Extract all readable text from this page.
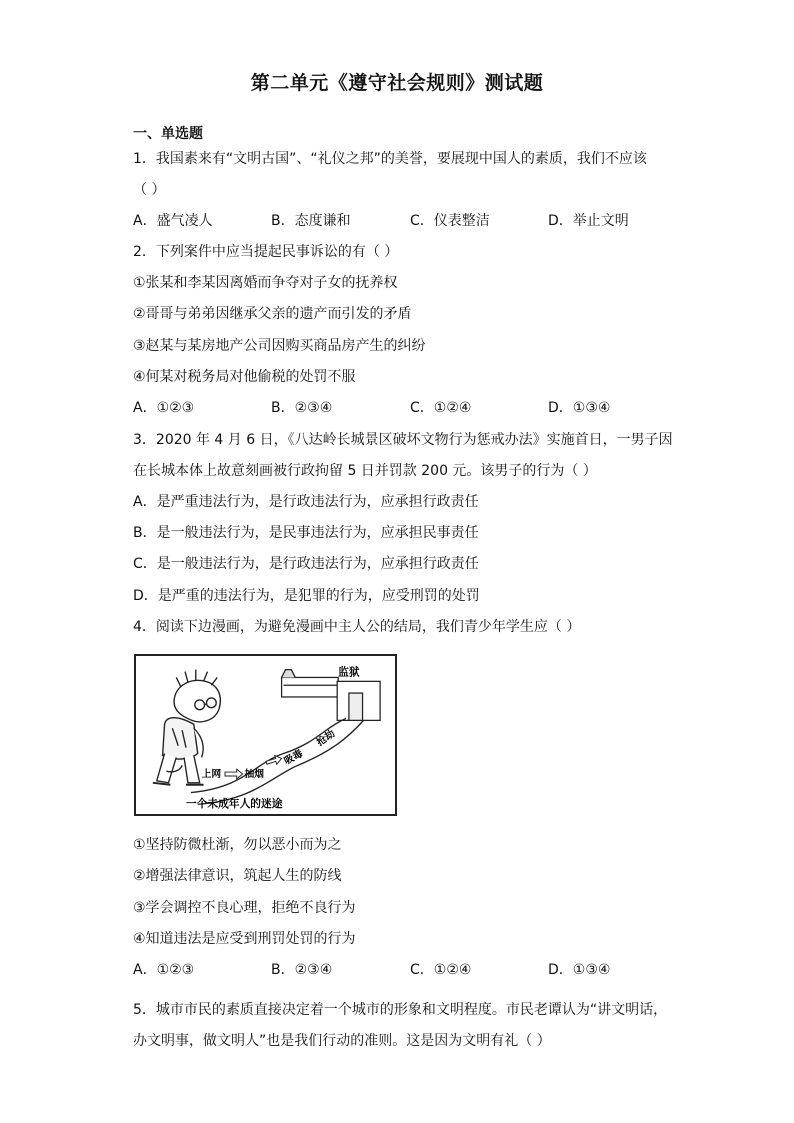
第二单元《遵守社会规则》测试题
一、单选题
1．我国素来有“文明古国”、“礼仪之邦”的美誉，要展现中国人的素质，我们不应该
（ ）
A．盛气凌人	B．态度谦和	C．仪表整洁	D．举止文明
2．下列案件中应当提起民事诉讼的有（ ）
①张某和李某因离婚而争夺对子女的抚养权
②哥哥与弟弟因继承父亲的遗产而引发的矛盾
③赵某与某房地产公司因购买商品房产生的纠纷
④何某对税务局对他偷税的处罚不服
A．①②③	B．②③④	C．①②④	D．①③④
3．2020 年 4 月 6 日，《八达岭长城景区破坏文物行为惩戒办法》实施首日，一男子因
在长城本体上故意刻画被行政拘留 5 日并罚款 200 元。该男子的行为（ ）
A．是严重违法行为，是行政违法行为，应承担行政责任
B．是一般违法行为，是民事违法行为，应承担民事责任
C．是一般违法行为，是行政违法行为，应承担行政责任
D．是严重的违法行为，是犯罪的行为，应受刑罚的处罚
4．阅读下边漫画，为避免漫画中主人公的结局，我们青少年学生应（ ）
监狱
上网 抽烟
吸毒
抢劫
一个未成年人的迷途
①坚持防微杜渐，勿以恶小而为之
②增强法律意识，筑起人生的防线
③学会调控不良心理，拒绝不良行为
④知道违法是应受到刑罚处罚的行为
A．①②③	B．②③④	C．①②④	D．①③④
5．城市市民的素质直接决定着一个城市的形象和文明程度。市民老谭认为“讲文明话，
办文明事，做文明人”也是我们行动的准则。这是因为文明有礼（ ）
